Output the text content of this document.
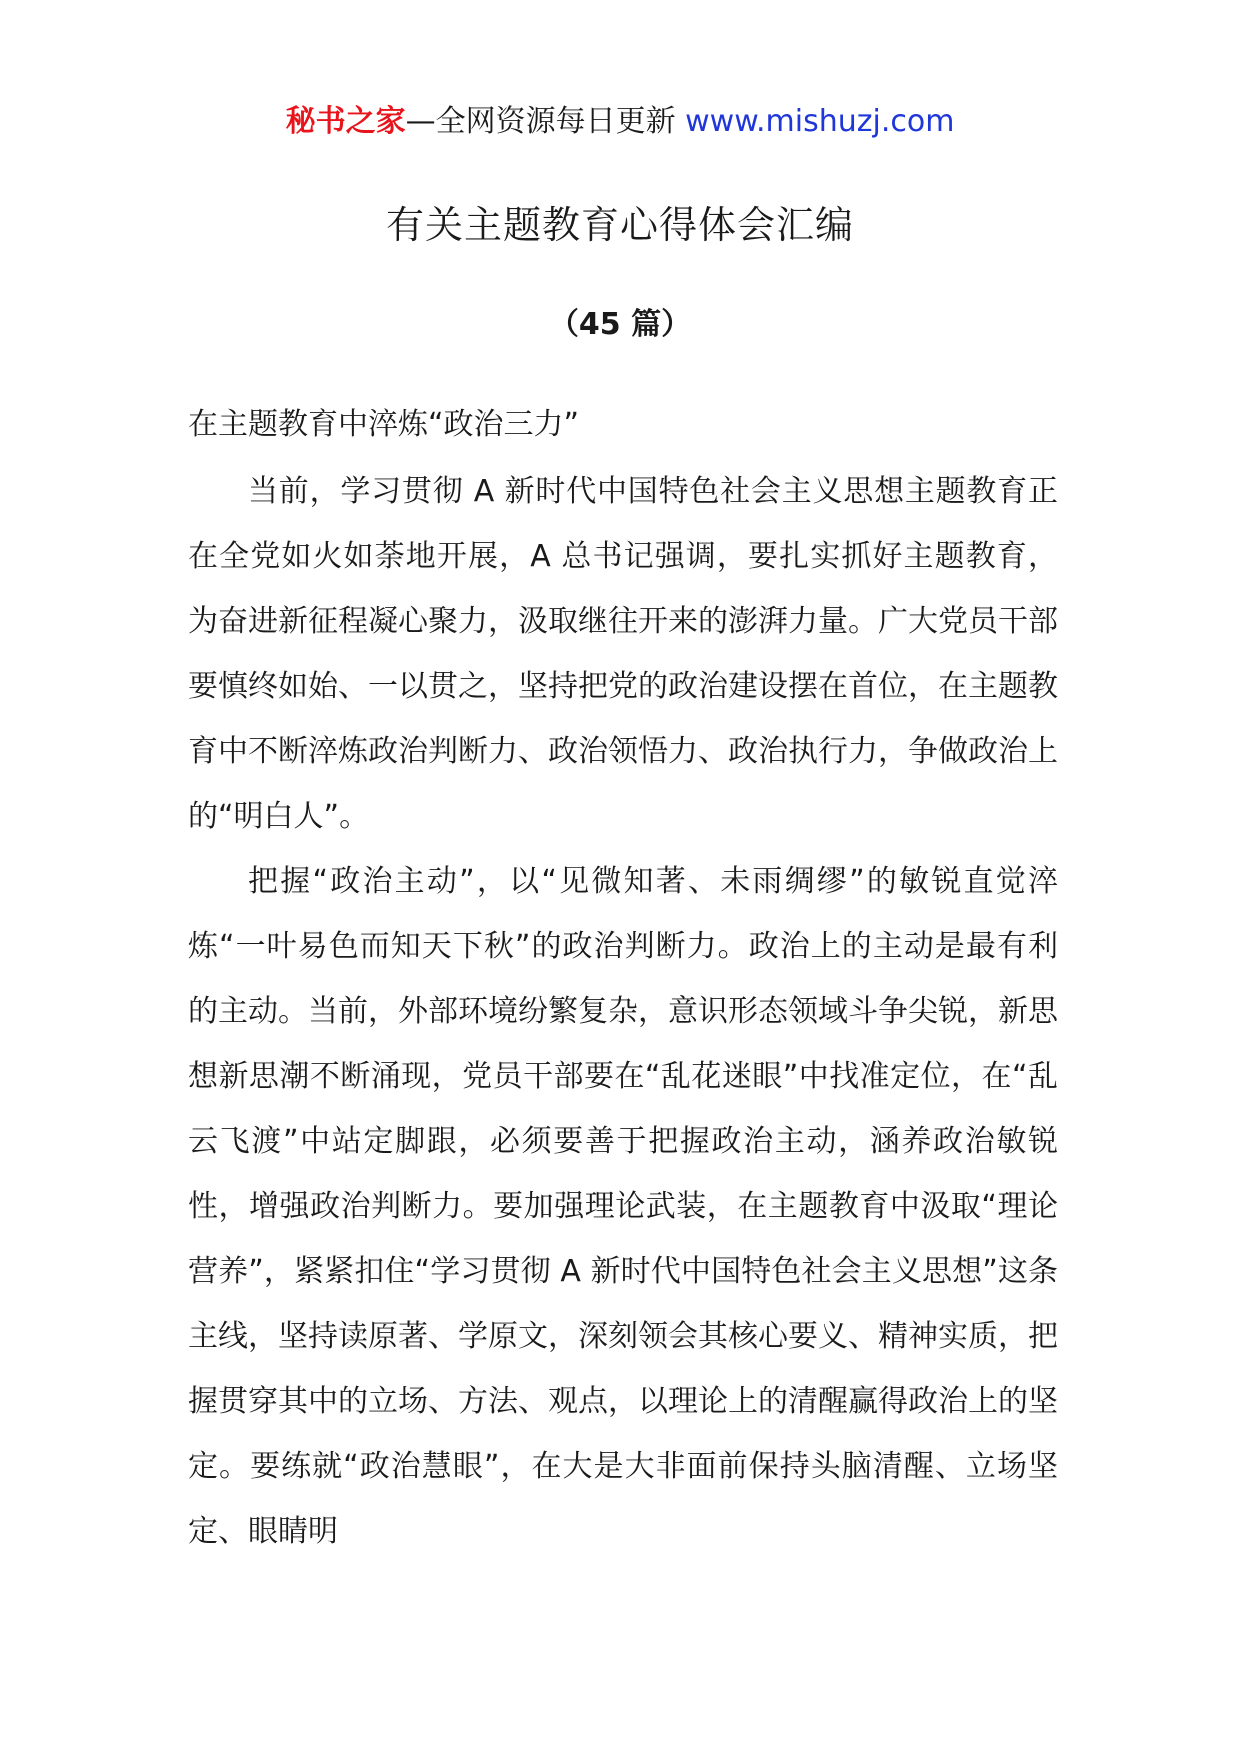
秘书之家—全网资源每日更新 www.mishuzj.com
有关主题教育心得体会汇编
（45 篇）
在主题教育中淬炼“政治三力”

当前，学习贯彻 A 新时代中国特色社会主义思想主题教育正在全党如火如荼地开展，A 总书记强调，要扎实抓好主题教育，为奋进新征程凝心聚力，汲取继往开来的澎湃力量。广大党员干部要慎终如始、一以贯之，坚持把党的政治建设摆在首位，在主题教育中不断淬炼政治判断力、政治领悟力、政治执行力，争做政治上的“明白人”。

把握“政治主动”，以“见微知著、未雨绸缪”的敏锐直觉淬炼“一叶易色而知天下秋”的政治判断力。政治上的主动是最有利的主动。当前，外部环境纷繁复杂，意识形态领域斗争尖锐，新思想新思潮不断涌现，党员干部要在“乱花迷眼”中找准定位，在“乱云飞渡”中站定脚跟，必须要善于把握政治主动，涵养政治敏锐性，增强政治判断力。要加强理论武装，在主题教育中汲取“理论营养”，紧紧扣住“学习贯彻 A 新时代中国特色社会主义思想”这条主线，坚持读原著、学原文，深刻领会其核心要义、精神实质，把握贯穿其中的立场、方法、观点，以理论上的清醒赢得政治上的坚定。要练就“政治慧眼”，在大是大非面前保持头脑清醒、立场坚定、眼睛明
